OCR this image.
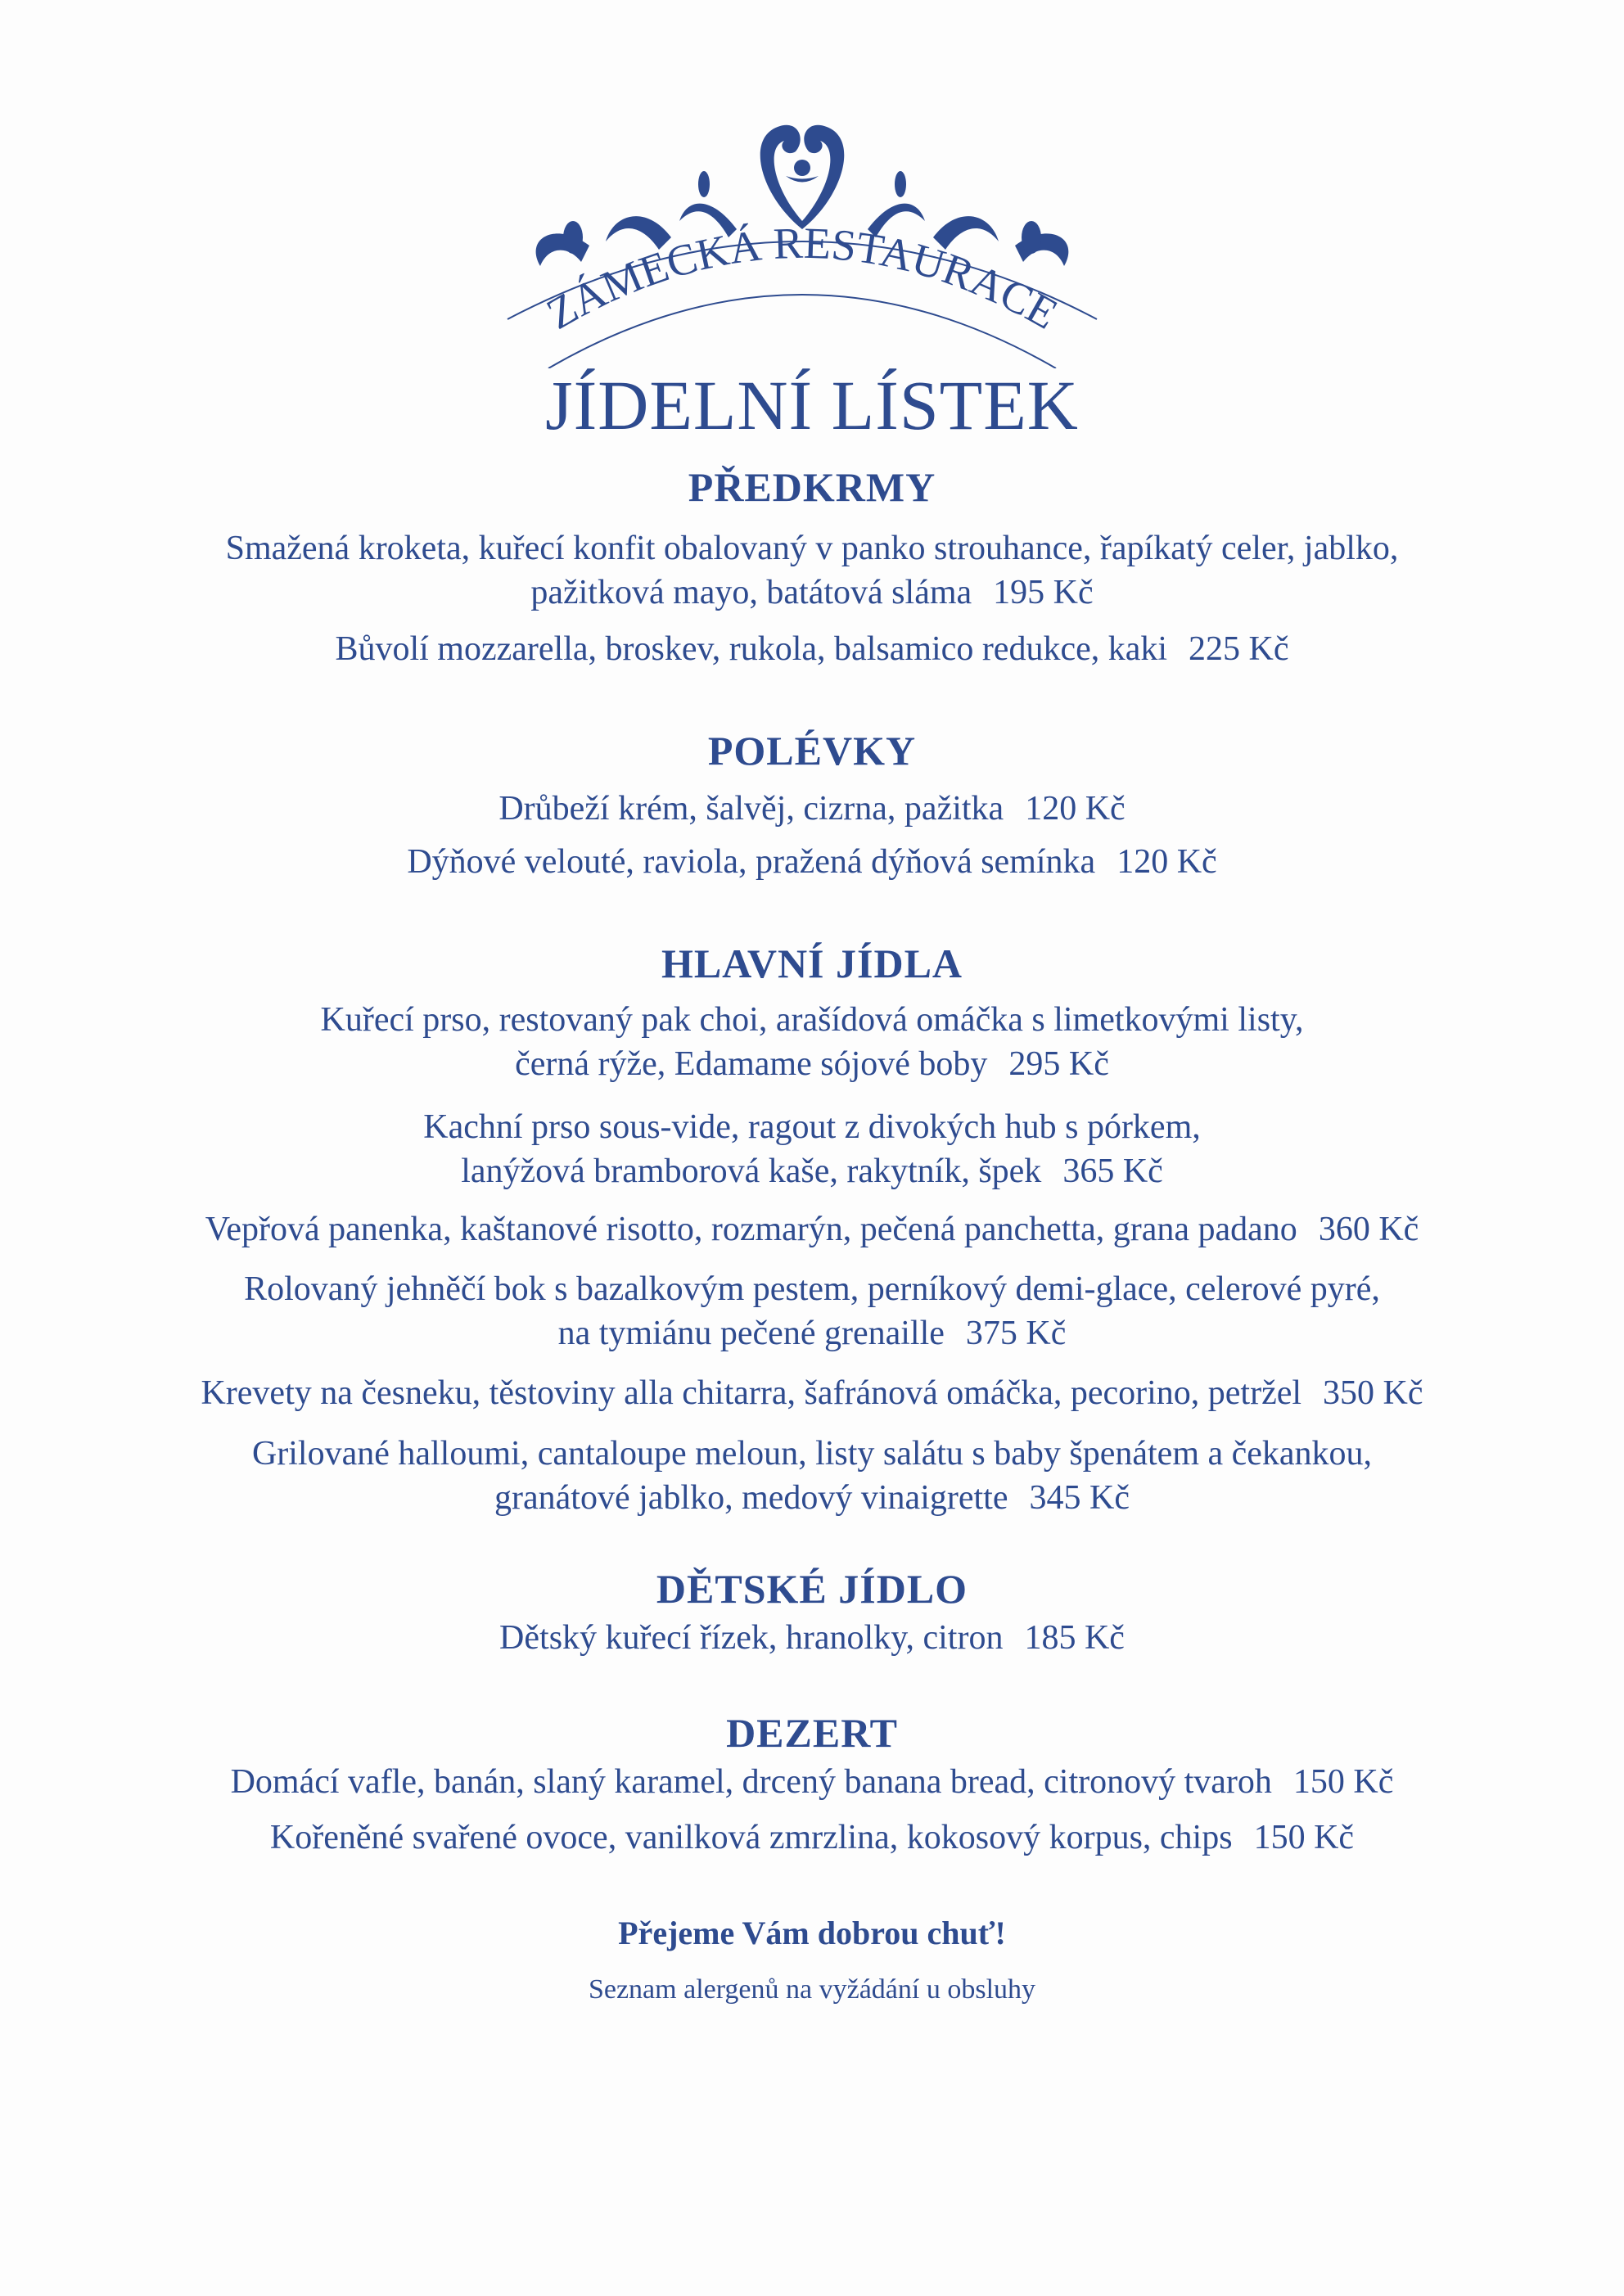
ZÁMECKÁ RESTAURACE
JÍDELNÍ LÍSTEK
PŘEDKRMY
Smažená kroketa, kuřecí konfit obalovaný v panko strouhance, řapíkatý celer, jablko,
pažitková mayo, batátová sláma 195 Kč
Bůvolí mozzarella, broskev, rukola, balsamico redukce, kaki 225 Kč
POLÉVKY
Drůbeží krém, šalvěj, cizrna, pažitka 120 Kč
Dýňové velouté, raviola, pražená dýňová semínka 120 Kč
HLAVNÍ JÍDLA
Kuřecí prso, restovaný pak choi, arašídová omáčka s limetkovými listy,
černá rýže, Edamame sójové boby 295 Kč
Kachní prso sous-vide, ragout z divokých hub s pórkem,
lanýžová bramborová kaše, rakytník, špek 365 Kč
Vepřová panenka, kaštanové risotto, rozmarýn, pečená panchetta, grana padano 360 Kč
Rolovaný jehněčí bok s bazalkovým pestem, perníkový demi-glace, celerové pyré,
na tymiánu pečené grenaille 375 Kč
Krevety na česneku, těstoviny alla chitarra, šafránová omáčka, pecorino, petržel 350 Kč
Grilované halloumi, cantaloupe meloun, listy salátu s baby špenátem a čekankou,
granátové jablko, medový vinaigrette 345 Kč
DĚTSKÉ JÍDLO
Dětský kuřecí řízek, hranolky, citron 185 Kč
DEZERT
Domácí vafle, banán, slaný karamel, drcený banana bread, citronový tvaroh 150 Kč
Kořeněné svařené ovoce, vanilková zmrzlina, kokosový korpus, chips 150 Kč
Přejeme Vám dobrou chuť!
Seznam alergenů na vyžádání u obsluhy
